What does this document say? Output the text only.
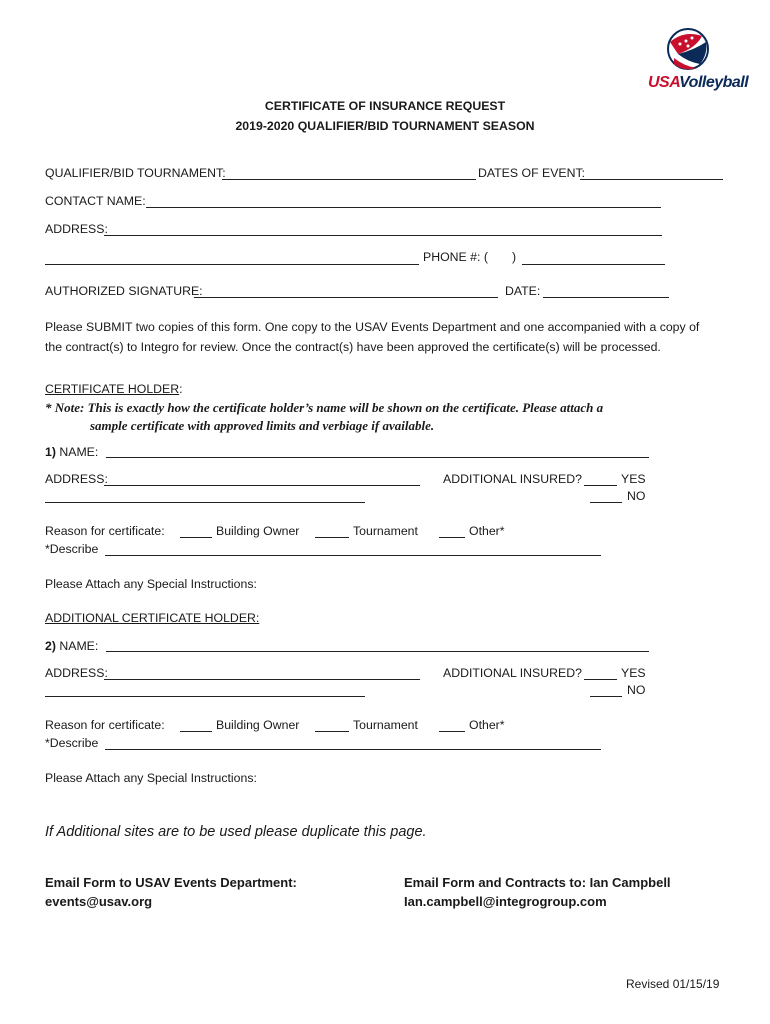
USAVolleyball
CERTIFICATE OF INSURANCE REQUEST
2019-2020 QUALIFIER/BID TOURNAMENT SEASON
QUALIFIER/BID TOURNAMENT:	DATES OF EVENT:
CONTACT NAME:
ADDRESS:
PHONE #: ( )
AUTHORIZED SIGNATURE:	DATE:
Please SUBMIT two copies of this form. One copy to the USAV Events Department and one accompanied with a copy of
the contract(s) to Integro for review. Once the contract(s) have been approved the certificate(s) will be processed.
CERTIFICATE HOLDER:
* Note: This is exactly how the certificate holder’s name will be shown on the certificate. Please attach a
sample certificate with approved limits and verbiage if available.
1) NAME:
ADDRESS:	ADDITIONAL INSURED?	YES
NO
Reason for certificate:	Building Owner	Tournament	Other*
*Describe
Please Attach any Special Instructions:
ADDITIONAL CERTIFICATE HOLDER:
2) NAME:
ADDRESS:	ADDITIONAL INSURED?	YES
NO
Reason for certificate:	Building Owner	Tournament	Other*
*Describe
Please Attach any Special Instructions:
If Additional sites are to be used please duplicate this page.
Email Form to USAV Events Department:
events@usav.org
Email Form and Contracts to: Ian Campbell
Ian.campbell@integrogroup.com
Revised 01/15/19
